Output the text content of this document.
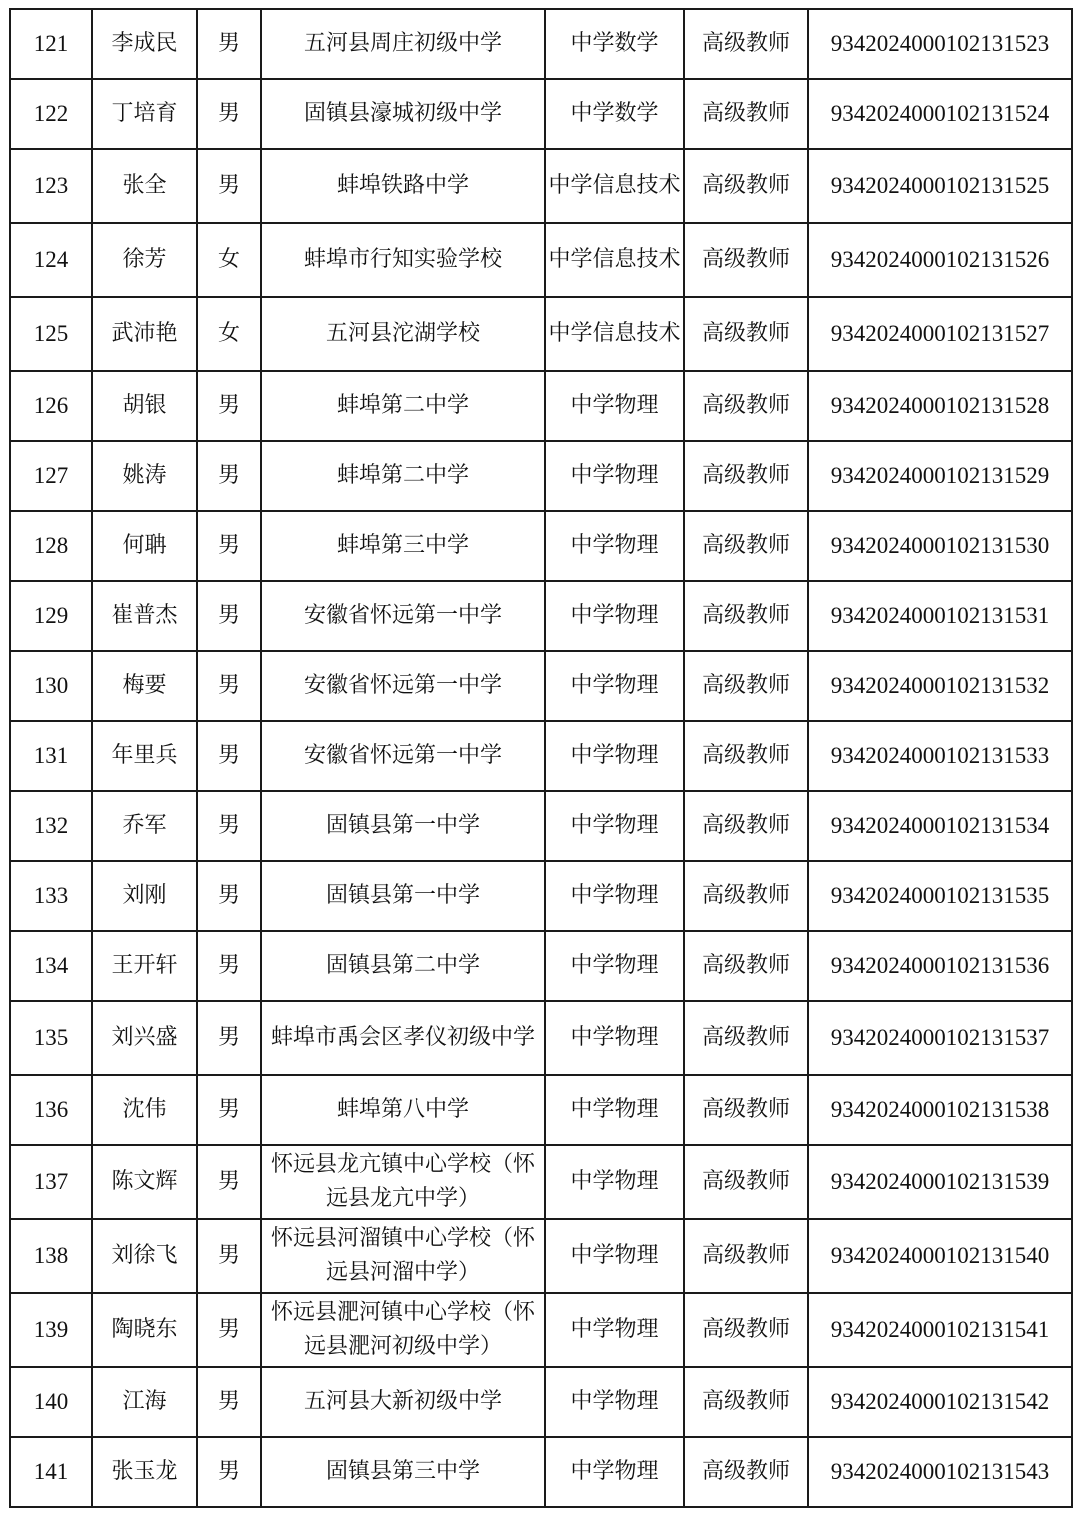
121	李成民	男	五河县周庄初级中学	中学数学	高级教师	9342024000102131523

122	丁培育	男	固镇县濠城初级中学	中学数学	高级教师	9342024000102131524

123	张全	男	蚌埠铁路中学	中学信息技术	高级教师	9342024000102131525

124	徐芳	女	蚌埠市行知实验学校	中学信息技术	高级教师	9342024000102131526

125	武沛艳	女	五河县沱湖学校	中学信息技术	高级教师	9342024000102131527

126	胡银	男	蚌埠第二中学	中学物理	高级教师	9342024000102131528

127	姚涛	男	蚌埠第二中学	中学物理	高级教师	9342024000102131529

128	何聃	男	蚌埠第三中学	中学物理	高级教师	9342024000102131530

129	崔普杰	男	安徽省怀远第一中学	中学物理	高级教师	9342024000102131531

130	梅要	男	安徽省怀远第一中学	中学物理	高级教师	9342024000102131532

131	年里兵	男	安徽省怀远第一中学	中学物理	高级教师	9342024000102131533

132	乔军	男	固镇县第一中学	中学物理	高级教师	9342024000102131534

133	刘刚	男	固镇县第一中学	中学物理	高级教师	9342024000102131535

134	王开轩	男	固镇县第二中学	中学物理	高级教师	9342024000102131536

135	刘兴盛	男	蚌埠市禹会区孝仪初级中学	中学物理	高级教师	9342024000102131537

136	沈伟	男	蚌埠第八中学	中学物理	高级教师	9342024000102131538

137	陈文辉	男	怀远县龙亢镇中心学校（怀远县龙亢中学）	中学物理	高级教师	9342024000102131539

138	刘徐飞	男	怀远县河溜镇中心学校（怀远县河溜中学）	中学物理	高级教师	9342024000102131540

139	陶晓东	男	怀远县淝河镇中心学校（怀远县淝河初级中学）	中学物理	高级教师	9342024000102131541

140	江海	男	五河县大新初级中学	中学物理	高级教师	9342024000102131542

141	张玉龙	男	固镇县第三中学	中学物理	高级教师	9342024000102131543
